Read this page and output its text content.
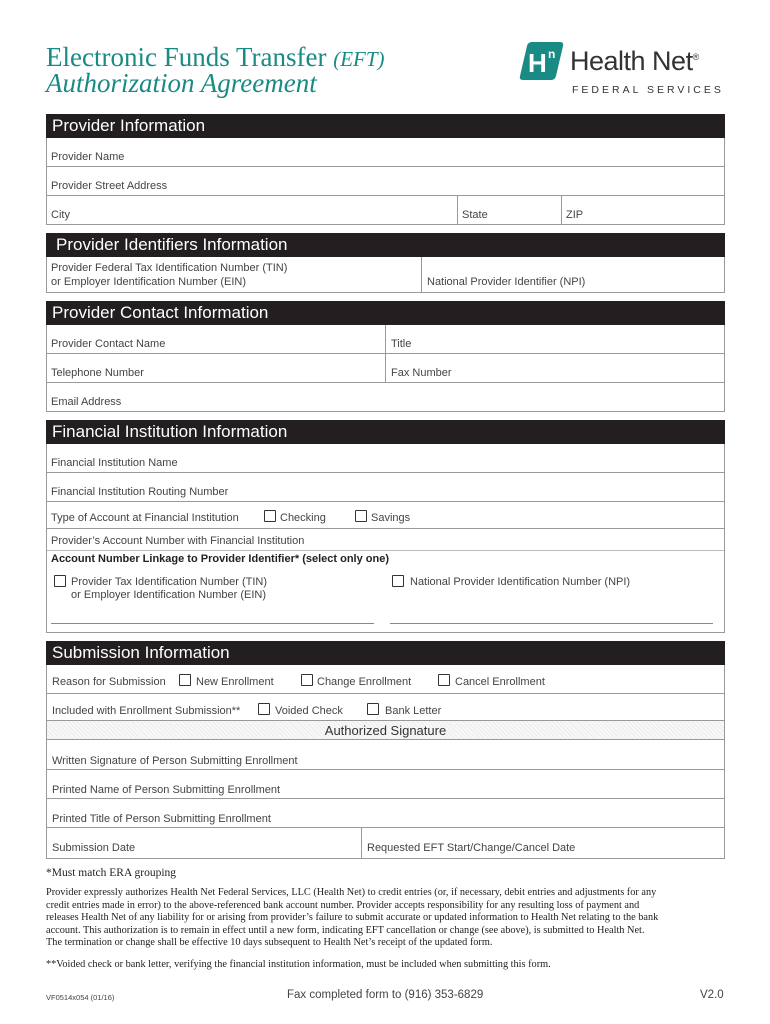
Electronic Funds Transfer (EFT)
Authorization Agreement
H n Health Net®
FEDERAL SERVICES
Provider Information
Provider Name
Provider Street Address
City	State	ZIP
Provider Identifiers Information
Provider Federal Tax Identification Number (TIN)
or Employer Identification Number (EIN)	National Provider Identifier (NPI)
Provider Contact Information
Provider Contact Name	Title
Telephone Number	Fax Number
Email Address
Financial Institution Information
Financial Institution Name
Financial Institution Routing Number
Type of Account at Financial Institution	Checking	Savings
Provider’s Account Number with Financial Institution
Account Number Linkage to Provider Identifier* (select only one)
Provider Tax Identification Number (TIN)
or Employer Identification Number (EIN)
National Provider Identification Number (NPI)
Submission Information
Reason for Submission	New Enrollment	Change Enrollment	Cancel Enrollment
Included with Enrollment Submission**	Voided Check	Bank Letter
Authorized Signature
Written Signature of Person Submitting Enrollment
Printed Name of Person Submitting Enrollment
Printed Title of Person Submitting Enrollment
Submission Date	Requested EFT Start/Change/Cancel Date
*Must match ERA grouping
Provider expressly authorizes Health Net Federal Services, LLC (Health Net) to credit entries (or, if necessary, debit entries and adjustments for any
credit entries made in error) to the above-referenced bank account number. Provider accepts responsibility for any resulting loss of payment and
releases Health Net of any liability for or arising from provider’s failure to submit accurate or updated information to Health Net relating to the bank
account. This authorization is to remain in effect until a new form, indicating EFT cancellation or change (see above), is submitted to Health Net.
The termination or change shall be effective 10 days subsequent to Health Net’s receipt of the updated form.
**Voided check or bank letter, verifying the financial institution information, must be included when submitting this form.
VF0514x054 (01/16)	Fax completed form to (916) 353-6829	V2.0
